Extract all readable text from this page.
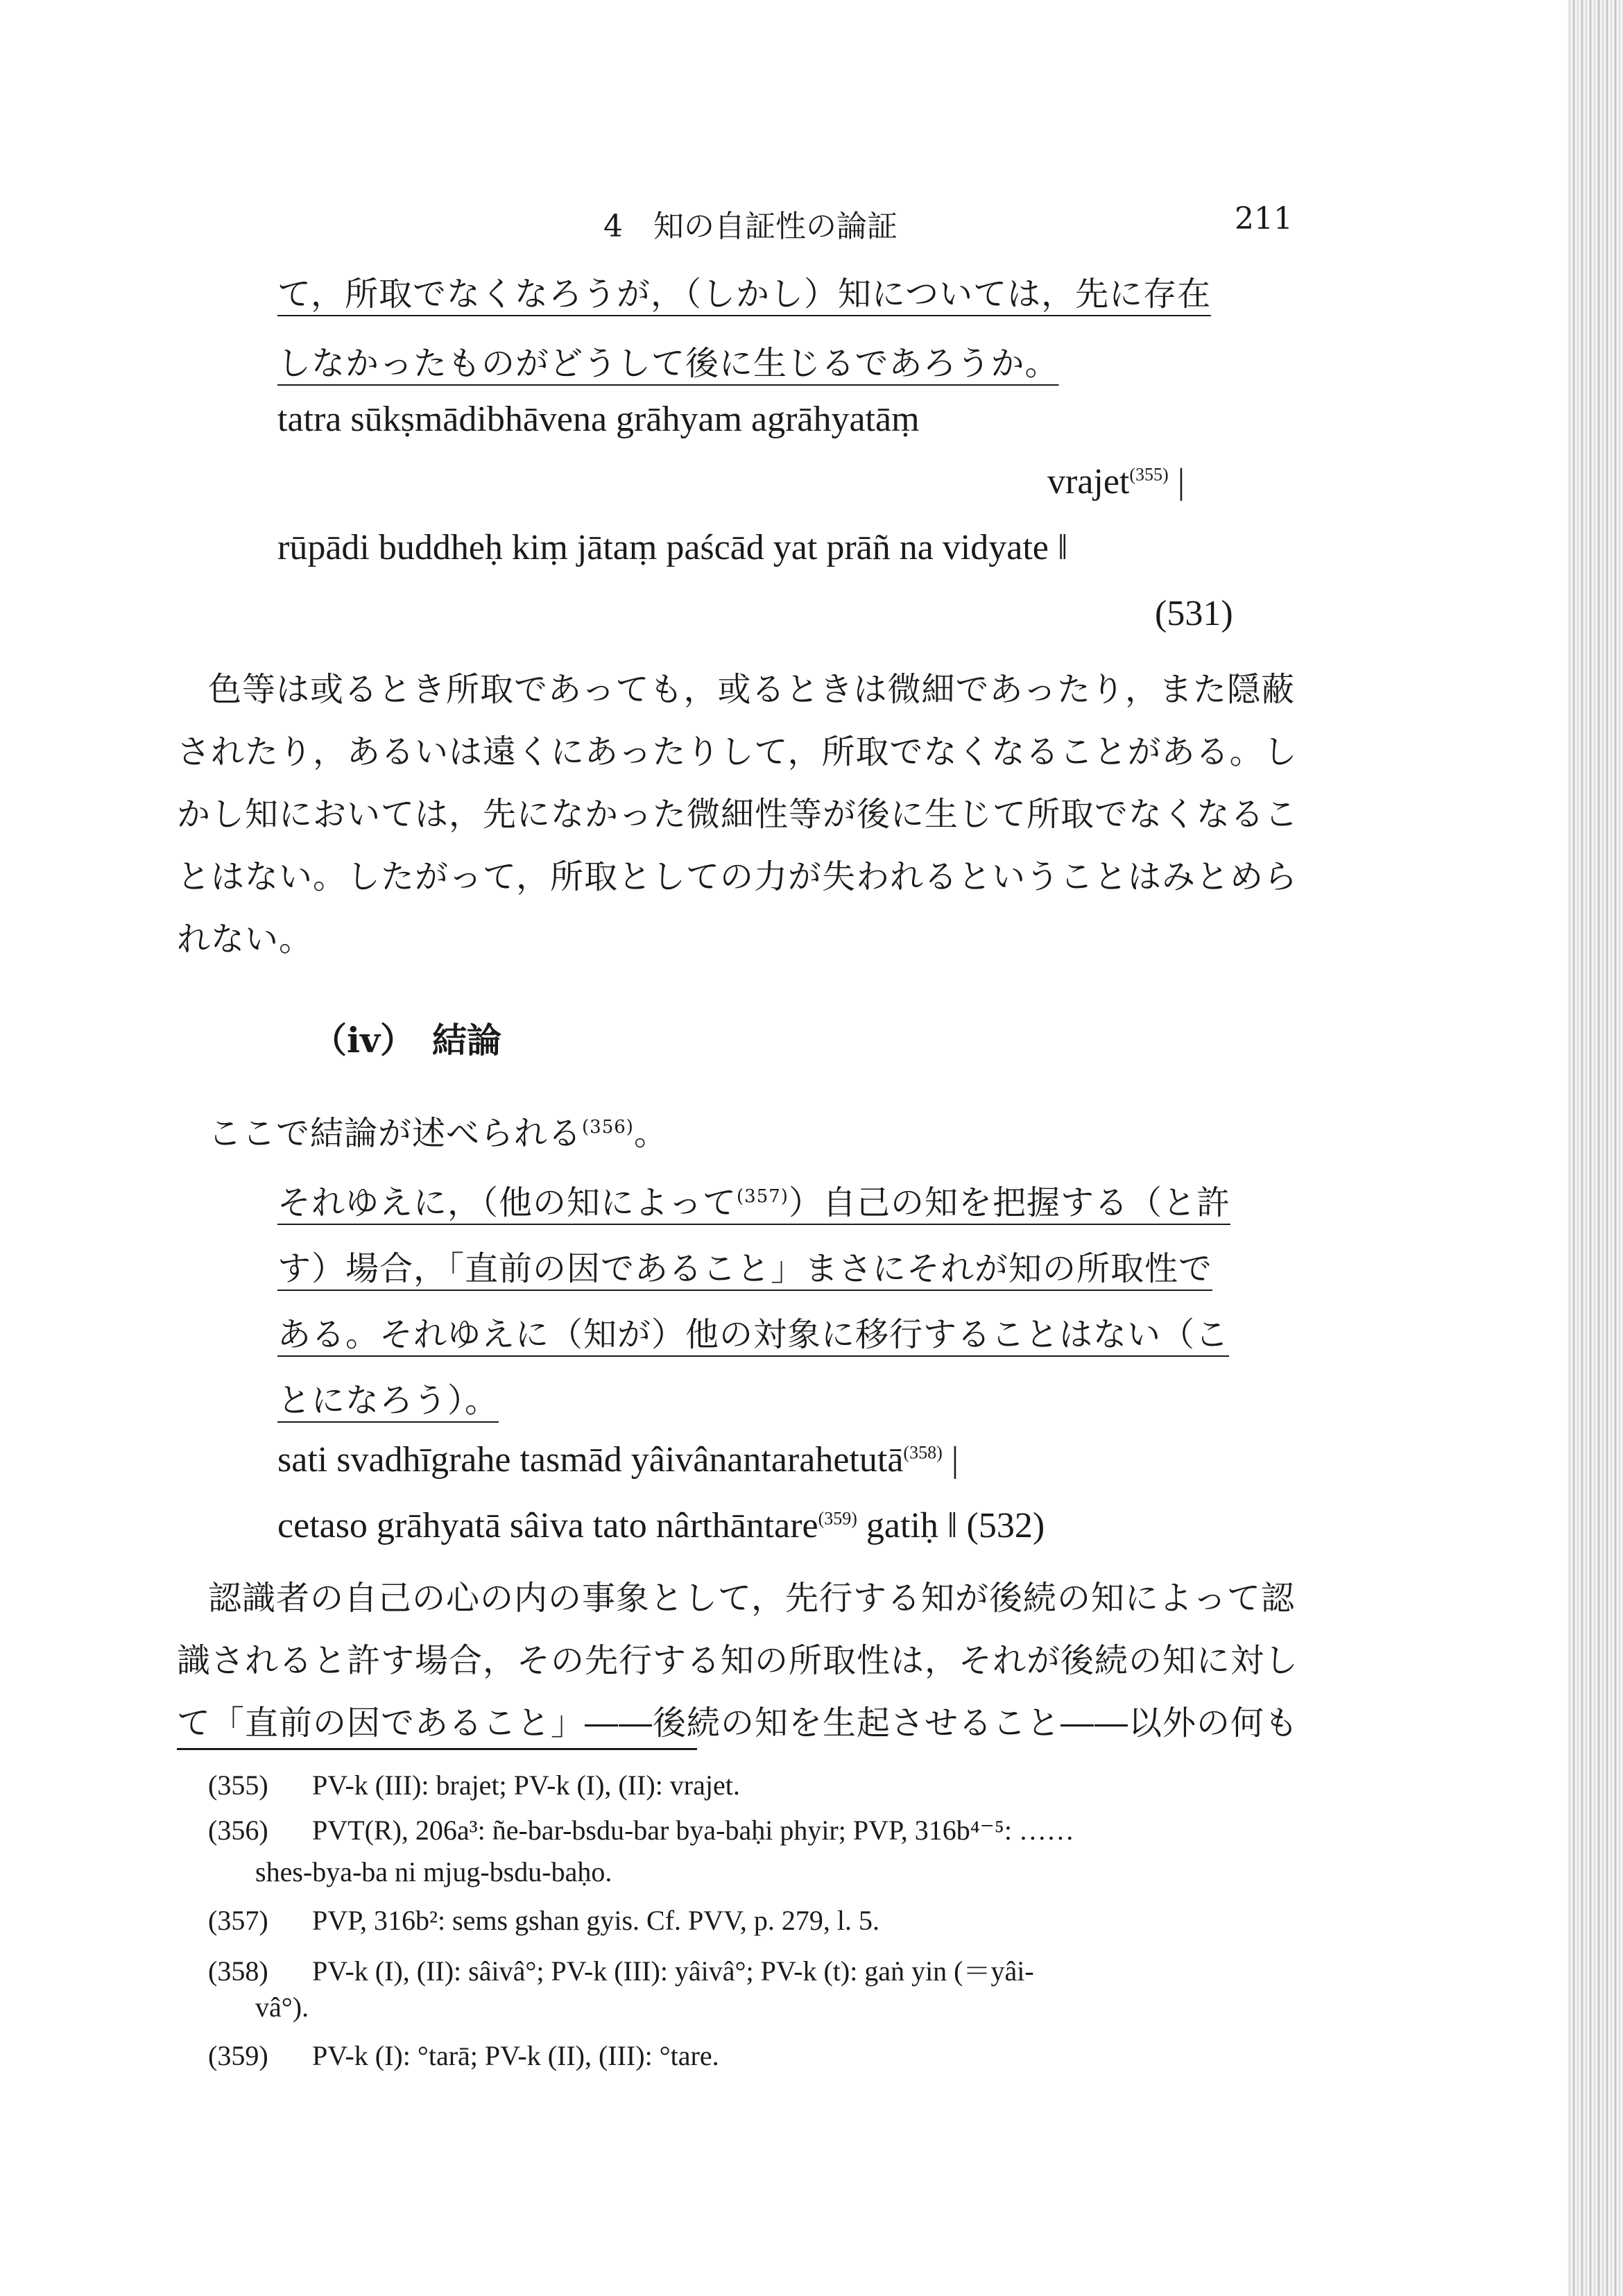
4　知の自証性の論証	211
て，所取でなくなろうが，（しかし）知については，先に存在
しなかったものがどうして後に生じるであろうか。
tatra sūkṣmādibhāvena grāhyam agrāhyatāṃ
vrajet$^{(355)}$ |
rūpādi buddheḥ kiṃ jātaṃ paścād yat prāñ na vidyate ǁ
(531)
色等は或るとき所取であっても，或るときは微細であったり，また隠蔽
されたり，あるいは遠くにあったりして，所取でなくなることがある。し
かし知においては，先になかった微細性等が後に生じて所取でなくなるこ
とはない。したがって，所取としての力が失われるということはみとめら
れない。
（iv）　結論
ここで結論が述べられる$^{(356)}$。
それゆえに，（他の知によって$^{(357)}$）自己の知を把握する（と許
す）場合，「直前の因であること」まさにそれが知の所取性で
ある。それゆえに（知が）他の対象に移行することはない（こ
とになろう）。
sati svadhīgrahe tasmād yâivânantarahetutā$^{(358)}$ |
cetaso grāhyatā sâiva tato nârthāntare$^{(359)}$ gatiḥ ǁ (532)
認識者の自己の心の内の事象として，先行する知が後続の知によって認
識されると許す場合，その先行する知の所取性は，それが後続の知に対し
て「直前の因であること」――後続の知を生起させること――以外の何も
(355) PV-k (III): brajet; PV-k (I), (II): vrajet.
(356) PVT(R), 206a³: ñe-bar-bsdu-bar bya-baḥi phyir; PVP, 316b⁴⁻⁵: ……
shes-bya-ba ni mjug-bsdu-baḥo.
(357) PVP, 316b²: sems gshan gyis. Cf. PVV, p. 279, l. 5.
(358) PV-k (I), (II): sâivâ°; PV-k (III): yâivâ°; PV-k (t): gaṅ yin (＝yâi-
vâ°).
(359) PV-k (I): °tarā; PV-k (II), (III): °tare.
